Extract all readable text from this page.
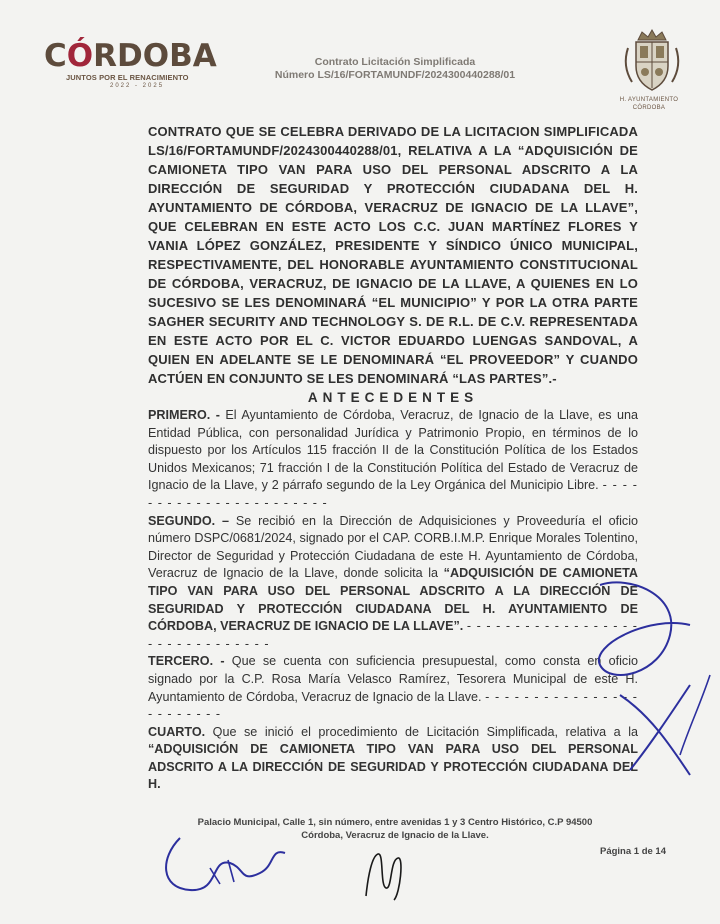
CÓRDOBA
JUNTOS POR EL RENACIMIENTO
2022 - 2025
Contrato Licitación Simplificada
Número LS/16/FORTAMUNDF/2024300440288/01
H. AYUNTAMIENTO
CÓRDOBA

CONTRATO QUE SE CELEBRA DERIVADO DE LA LICITACION SIMPLIFICADA LS/16/FORTAMUNDF/2024300440288/01, RELATIVA A LA “ADQUISICIÓN DE CAMIONETA TIPO VAN PARA USO DEL PERSONAL ADSCRITO A LA DIRECCIÓN DE SEGURIDAD Y PROTECCIÓN CIUDADANA DEL H. AYUNTAMIENTO DE CÓRDOBA, VERACRUZ DE IGNACIO DE LA LLAVE”, QUE CELEBRAN EN ESTE ACTO LOS C.C. JUAN MARTÍNEZ FLORES Y VANIA LÓPEZ GONZÁLEZ, PRESIDENTE Y SÍNDICO ÚNICO MUNICIPAL, RESPECTIVAMENTE, DEL HONORABLE AYUNTAMIENTO CONSTITUCIONAL DE CÓRDOBA, VERACRUZ, DE IGNACIO DE LA LLAVE, A QUIENES EN LO SUCESIVO SE LES DENOMINARÁ “EL MUNICIPIO” Y POR LA OTRA PARTE SAGHER SECURITY AND TECHNOLOGY S. DE R.L. DE C.V. REPRESENTADA EN ESTE ACTO POR EL C. VICTOR EDUARDO LUENGAS SANDOVAL, A QUIEN EN ADELANTE SE LE DENOMINARÁ “EL PROVEEDOR” Y CUANDO ACTÚEN EN CONJUNTO SE LES DENOMINARÁ “LAS PARTES”.-

ANTECEDENTES

PRIMERO. - El Ayuntamiento de Córdoba, Veracruz, de Ignacio de la Llave, es una Entidad Pública, con personalidad Jurídica y Patrimonio Propio, en términos de lo dispuesto por los Artículos 115 fracción II de la Constitución Política de los Estados Unidos Mexicanos; 71 fracción I de la Constitución Política del Estado de Veracruz de Ignacio de la Llave, y 2 párrafo segundo de la Ley Orgánica del Municipio Libre. - - - - - - - - - - - - - - - - - - - - - - -

SEGUNDO. – Se recibió en la Dirección de Adquisiciones y Proveeduría el oficio número DSPC/0681/2024, signado por el CAP. CORB.I.M.P. Enrique Morales Tolentino, Director de Seguridad y Protección Ciudadana de este H. Ayuntamiento de Córdoba, Veracruz de Ignacio de la Llave, donde solicita la “ADQUISICIÓN DE CAMIONETA TIPO VAN PARA USO DEL PERSONAL ADSCRITO A LA DIRECCIÓN DE SEGURIDAD Y PROTECCIÓN CIUDADANA DEL H. AYUNTAMIENTO DE CÓRDOBA, VERACRUZ DE IGNACIO DE LA LLAVE”. - - - - - - - - - - - - - - - - - - - - - - - - - - - - - - -

TERCERO. - Que se cuenta con suficiencia presupuestal, como consta en oficio signado por la C.P. Rosa María Velasco Ramírez, Tesorera Municipal de este H. Ayuntamiento de Córdoba, Veracruz de Ignacio de la Llave. - - - - - - - - - - - - - - - - - - - - - - - -

CUARTO. Que se inició el procedimiento de Licitación Simplificada, relativa a la “ADQUISICIÓN DE CAMIONETA TIPO VAN PARA USO DEL PERSONAL ADSCRITO A LA DIRECCIÓN DE SEGURIDAD Y PROTECCIÓN CIUDADANA DEL H.

Palacio Municipal, Calle 1, sin número, entre avenidas 1 y 3 Centro Histórico, C.P 94500
Córdoba, Veracruz de Ignacio de la Llave.
Página 1 de 14
